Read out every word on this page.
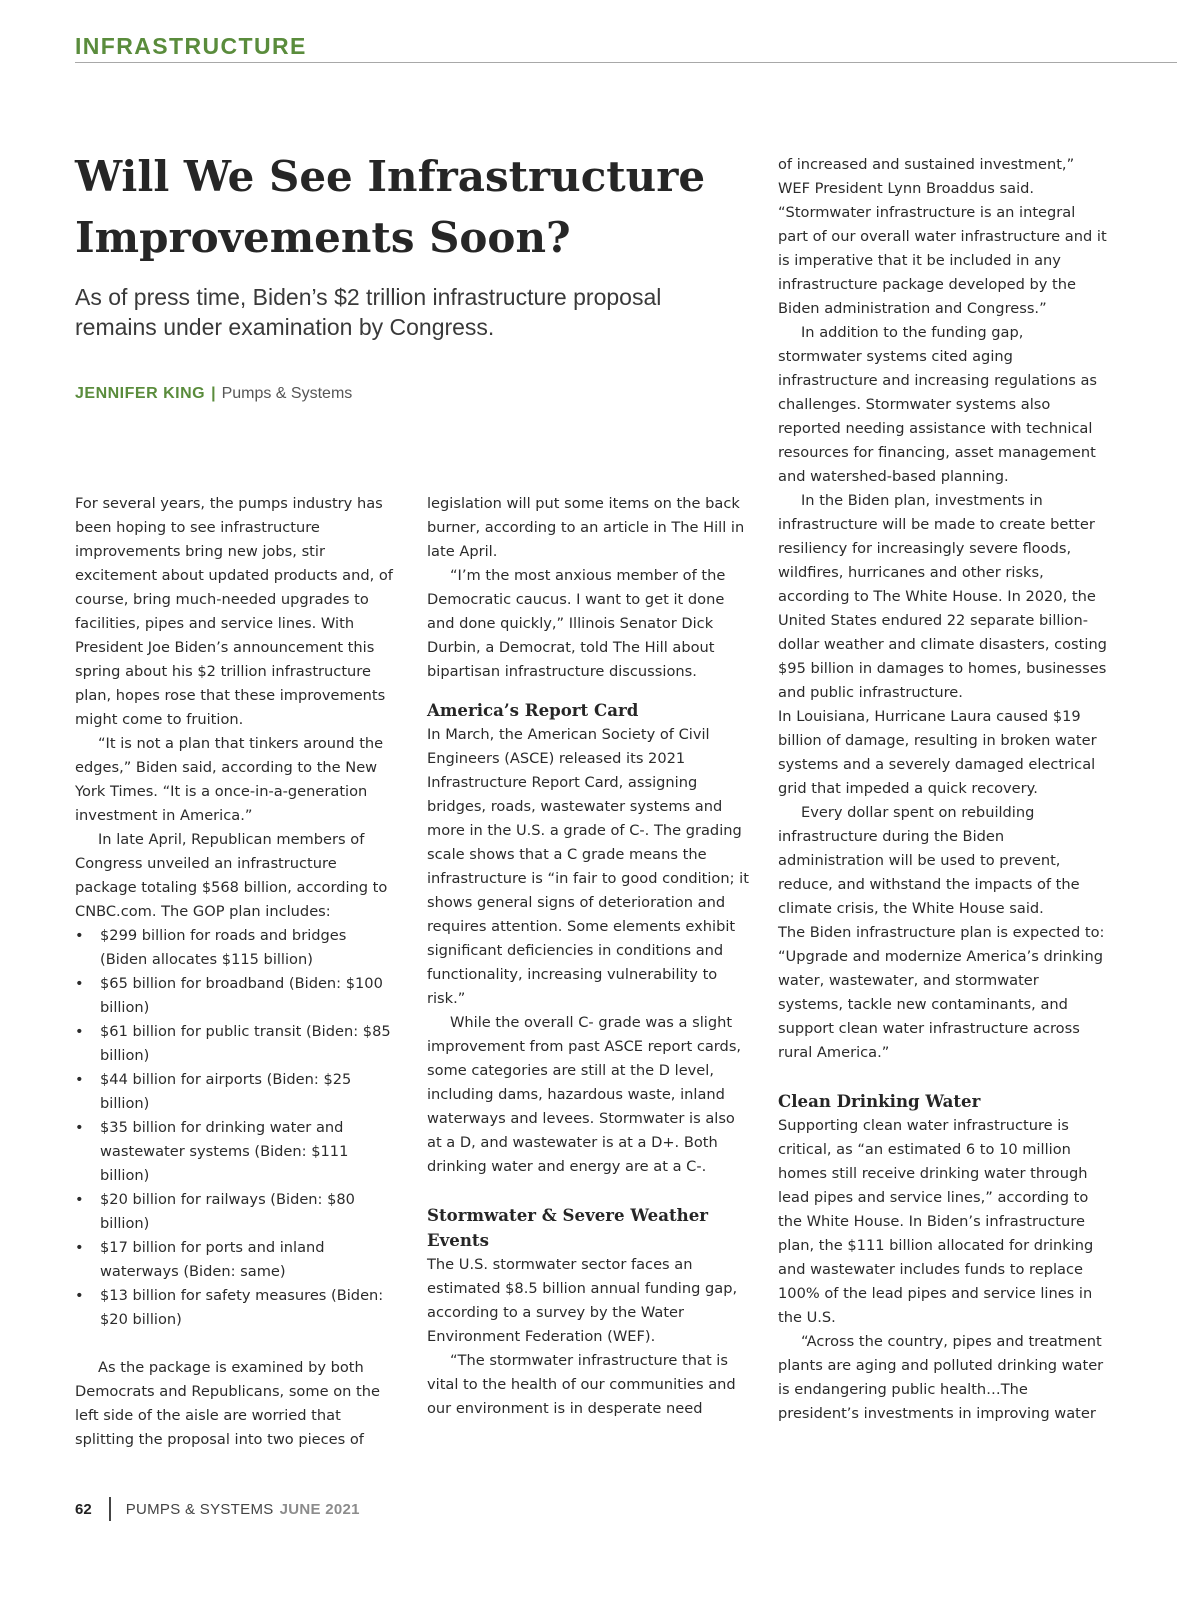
INFRASTRUCTURE
Will We See Infrastructure Improvements Soon?

As of press time, Biden’s $2 trillion infrastructure proposal remains under examination by Congress.

JENNIFER KING | Pumps & Systems

For several years, the pumps industry has been hoping to see infrastructure improvements bring new jobs, stir excitement about updated products and, of course, bring much-needed upgrades to facilities, pipes and service lines. With President Joe Biden’s announcement this spring about his $2 trillion infrastructure plan, hopes rose that these improvements might come to fruition.

“It is not a plan that tinkers around the edges,” Biden said, according to the New York Times. “It is a once-in-a-generation investment in America.”

In late April, Republican members of Congress unveiled an infrastructure package totaling $568 billion, according to CNBC.com. The GOP plan includes:

• $299 billion for roads and bridges (Biden allocates $115 billion)
• $65 billion for broadband (Biden: $100 billion)
• $61 billion for public transit (Biden: $85 billion)
• $44 billion for airports (Biden: $25 billion)
• $35 billion for drinking water and wastewater systems (Biden: $111 billion)
• $20 billion for railways (Biden: $80 billion)
• $17 billion for ports and inland waterways (Biden: same)
• $13 billion for safety measures (Biden: $20 billion)

As the package is examined by both Democrats and Republicans, some on the left side of the aisle are worried that splitting the proposal into two pieces of

legislation will put some items on the back burner, according to an article in The Hill in late April.

“I’m the most anxious member of the Democratic caucus. I want to get it done and done quickly,” Illinois Senator Dick Durbin, a Democrat, told The Hill about bipartisan infrastructure discussions.

America’s Report Card

In March, the American Society of Civil Engineers (ASCE) released its 2021 Infrastructure Report Card, assigning bridges, roads, wastewater systems and more in the U.S. a grade of C-. The grading scale shows that a C grade means the infrastructure is “in fair to good condition; it shows general signs of deterioration and requires attention. Some elements exhibit significant deficiencies in conditions and functionality, increasing vulnerability to risk.”

While the overall C- grade was a slight improvement from past ASCE report cards, some categories are still at the D level, including dams, hazardous waste, inland waterways and levees. Stormwater is also at a D, and wastewater is at a D+. Both drinking water and energy are at a C-.

Stormwater & Severe Weather Events

The U.S. stormwater sector faces an estimated $8.5 billion annual funding gap, according to a survey by the Water Environment Federation (WEF).

“The stormwater infrastructure that is vital to the health of our communities and our environment is in desperate need

of increased and sustained investment,” WEF President Lynn Broaddus said. “Stormwater infrastructure is an integral part of our overall water infrastructure and it is imperative that it be included in any infrastructure package developed by the Biden administration and Congress.”

In addition to the funding gap, stormwater systems cited aging infrastructure and increasing regulations as challenges. Stormwater systems also reported needing assistance with technical resources for financing, asset management and watershed-based planning.

In the Biden plan, investments in infrastructure will be made to create better resiliency for increasingly severe floods, wildfires, hurricanes and other risks, according to The White House. In 2020, the United States endured 22 separate billion-dollar weather and climate disasters, costing $95 billion in damages to homes, businesses and public infrastructure.

In Louisiana, Hurricane Laura caused $19 billion of damage, resulting in broken water systems and a severely damaged electrical grid that impeded a quick recovery.

Every dollar spent on rebuilding infrastructure during the Biden administration will be used to prevent, reduce, and withstand the impacts of the climate crisis, the White House said.

The Biden infrastructure plan is expected to: “Upgrade and modernize America’s drinking water, wastewater, and stormwater systems, tackle new contaminants, and support clean water infrastructure across rural America.”

Clean Drinking Water

Supporting clean water infrastructure is critical, as “an estimated 6 to 10 million homes still receive drinking water through lead pipes and service lines,” according to the White House. In Biden’s infrastructure plan, the $111 billion allocated for drinking and wastewater includes funds to replace 100% of the lead pipes and service lines in the U.S.

“Across the country, pipes and treatment plants are aging and polluted drinking water is endangering public health…The president’s investments in improving water

62 PUMPS & SYSTEMS JUNE 2021
